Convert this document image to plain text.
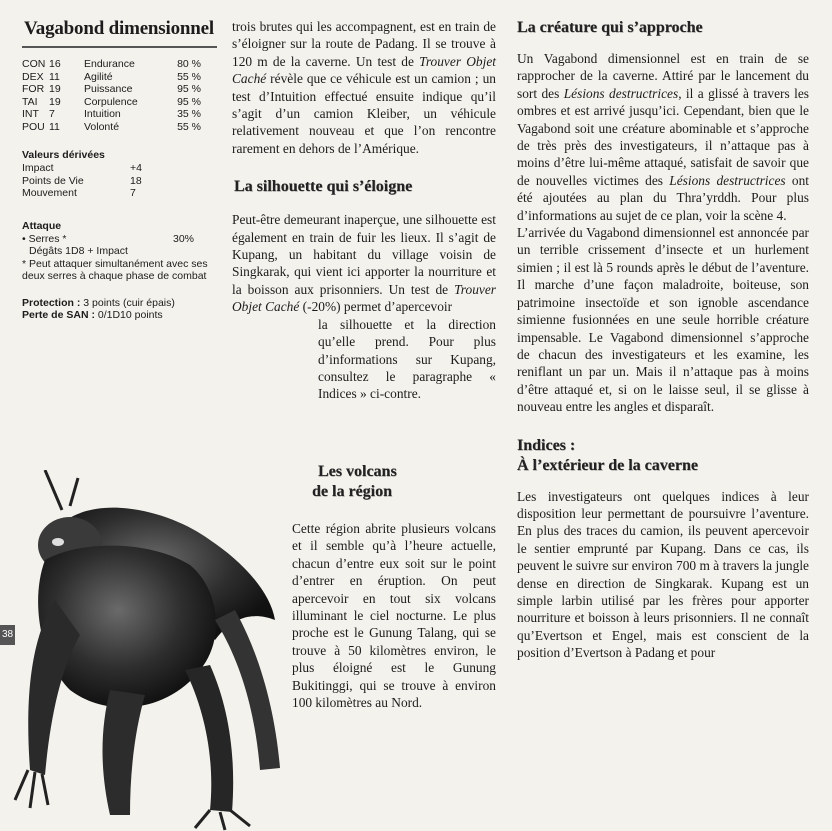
Vagabond dimensionnel
CON	16	Endurance	80 %
DEX	11	Agilité	55 %
FOR	19	Puissance	95 %
TAI	19	Corpulence	95 %
INT	7	Intuition	35 %
POU	11	Volonté	55 %
Valeurs dérivées
Impact	+4
Points de Vie	18
Mouvement	7
Attaque
• Serres *	30%
Dégâts 1D8 + Impact
* Peut attaquer simultanément avec ses deux serres à chaque phase de combat
Protection : 3 points (cuir épais)
Perte de SAN : 0/1D10 points
38

trois brutes qui les accompagnent, est en train de s’éloigner sur la route de Padang. Il se trouve à 120 m de la caverne. Un test de Trouver Objet Caché révèle que ce véhicule est un camion ; un test d’Intuition effectué ensuite indique qu’il s’agit d’un camion Kleiber, un véhicule relativement nouveau et que l’on rencontre rarement en dehors de l’Amérique.

La silhouette qui s’éloigne

Peut-être demeurant inaperçue, une silhouette est également en train de fuir les lieux. Il s’agit de Kupang, un habitant du village voisin de Singkarak, qui vient ici apporter la nourriture et la boisson aux prisonniers. Un test de Trouver Objet Caché (-20%) permet d’apercevoir

la silhouette et la direction qu’elle prend. Pour plus d’informations sur Kupang, consultez le paragraphe « Indices » ci-contre.

Les volcans
de la région

Cette région abrite plusieurs volcans et il semble qu’à l’heure actuelle, chacun d’entre eux soit sur le point d’entrer en éruption. On peut apercevoir en tout six volcans illuminant le ciel nocturne. Le plus proche est le Gunung Talang, qui se trouve à 50 kilomètres environ, le plus éloigné est le Gunung Bukitinggi, qui se trouve à environ 100 kilomètres au Nord.

La créature qui s’approche

Un Vagabond dimensionnel est en train de se rapprocher de la caverne. Attiré par le lancement du sort des Lésions destructrices, il a glissé à travers les ombres et est arrivé jusqu’ici. Cependant, bien que le Vagabond soit une créature abominable et s’approche de très près des investigateurs, il n’attaque pas à moins d’être lui-même attaqué, satisfait de savoir que de nouvelles victimes des Lésions destructrices ont été ajoutées au plan du Thra’yrddh. Pour plus d’informations au sujet de ce plan, voir la scène 4.

L’arrivée du Vagabond dimensionnel est annoncée par un terrible crissement d’insecte et un hurlement simien ; il est là 5 rounds après le début de l’aventure. Il marche d’une façon maladroite, boiteuse, son patrimoine insectoïde et son ignoble ascendance simienne fusionnées en une seule horrible créature impensable. Le Vagabond dimensionnel s’approche de chacun des investigateurs et les examine, les reniflant un par un. Mais il n’attaque pas à moins d’être attaqué et, si on le laisse seul, il se glisse à nouveau entre les angles et disparaît.

Indices :
À l’extérieur de la caverne

Les investigateurs ont quelques indices à leur disposition leur permettant de poursuivre l’aventure. En plus des traces du camion, ils peuvent apercevoir le sentier emprunté par Kupang. Dans ce cas, ils peuvent le suivre sur environ 700 m à travers la jungle dense en direction de Singkarak. Kupang est un simple larbin utilisé par les frères pour apporter nourriture et boisson à leurs prisonniers. Il ne connaît qu’Evertson et Engel, mais est conscient de la position d’Evertson à Padang et pour
